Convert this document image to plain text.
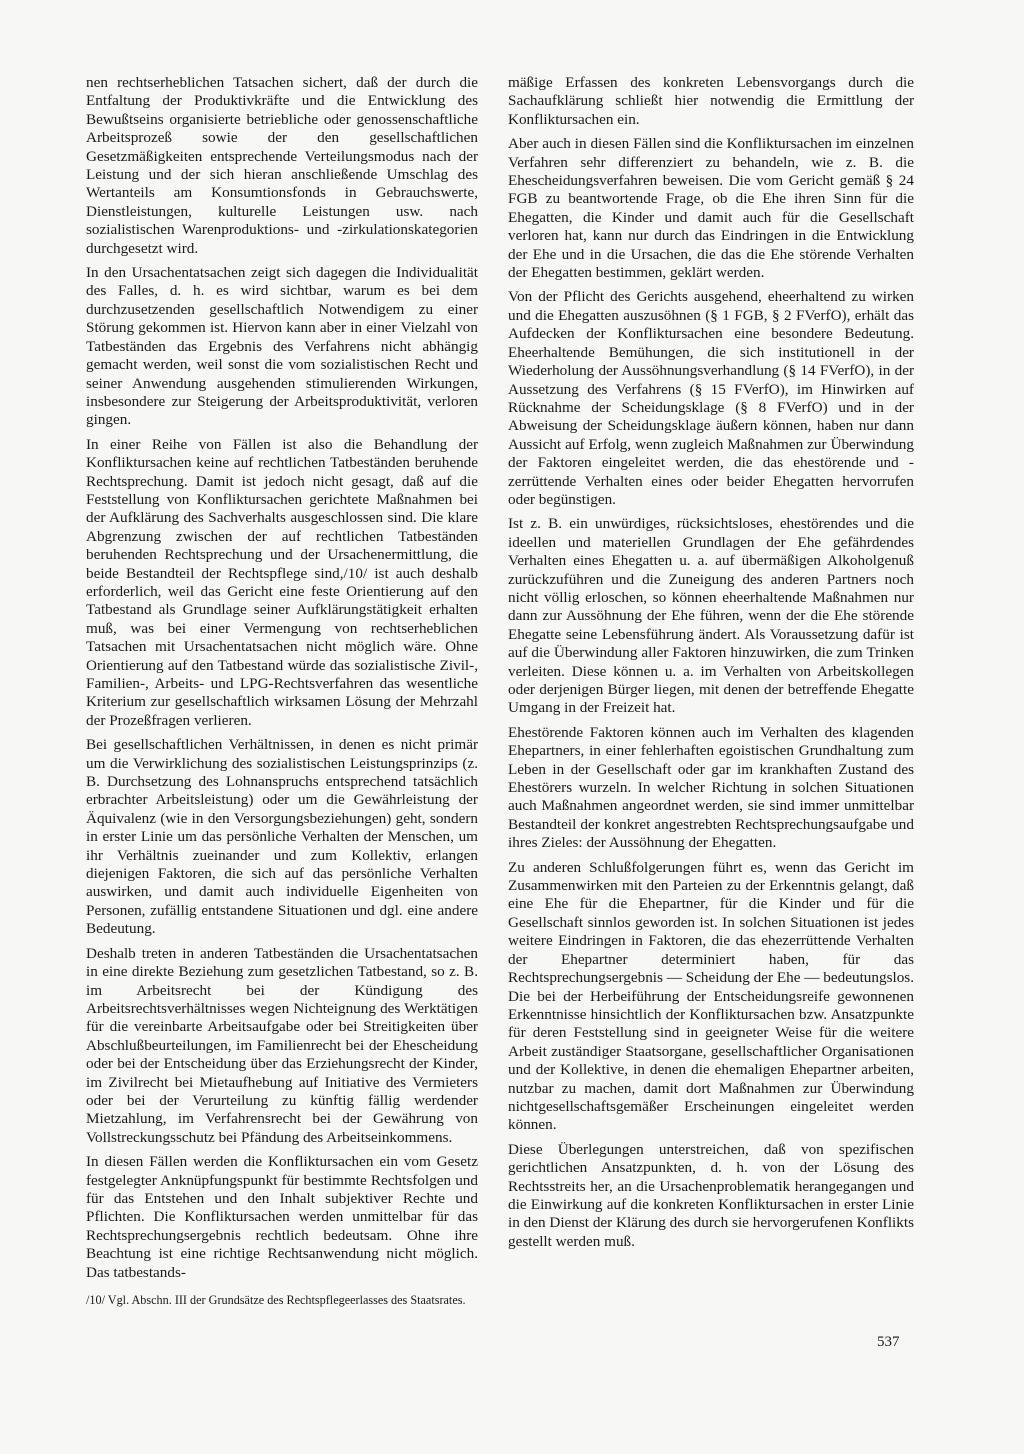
nen rechtserheblichen Tatsachen sichert, daß der durch die Entfaltung der Produktivkräfte und die Entwicklung des Bewußtseins organisierte betriebliche oder genossenschaftliche Arbeitsprozeß sowie der den gesellschaftlichen Gesetzmäßigkeiten entsprechende Verteilungsmodus nach der Leistung und der sich hieran anschließende Umschlag des Wertanteils am Konsumtionsfonds in Gebrauchswerte, Dienstleistungen, kulturelle Leistungen usw. nach sozialistischen Warenproduktions- und -zirkulationskategorien durchgesetzt wird.

In den Ursachentatsachen zeigt sich dagegen die Individualität des Falles, d. h. es wird sichtbar, warum es bei dem durchzusetzenden gesellschaftlich Notwendigem zu einer Störung gekommen ist. Hiervon kann aber in einer Vielzahl von Tatbeständen das Ergebnis des Verfahrens nicht abhängig gemacht werden, weil sonst die vom sozialistischen Recht und seiner Anwendung ausgehenden stimulierenden Wirkungen, insbesondere zur Steigerung der Arbeitsproduktivität, verloren gingen.

In einer Reihe von Fällen ist also die Behandlung der Konfliktursachen keine auf rechtlichen Tatbeständen beruhende Rechtsprechung. Damit ist jedoch nicht gesagt, daß auf die Feststellung von Konfliktursachen gerichtete Maßnahmen bei der Aufklärung des Sachverhalts ausgeschlossen sind. Die klare Abgrenzung zwischen der auf rechtlichen Tatbeständen beruhenden Rechtsprechung und der Ursachenermittlung, die beide Bestandteil der Rechtspflege sind,/10/ ist auch deshalb erforderlich, weil das Gericht eine feste Orientierung auf den Tatbestand als Grundlage seiner Aufklärungstätigkeit erhalten muß, was bei einer Vermengung von rechtserheblichen Tatsachen mit Ursachentatsachen nicht möglich wäre. Ohne Orientierung auf den Tatbestand würde das sozialistische Zivil-, Familien-, Arbeits- und LPG-Rechtsverfahren das wesentliche Kriterium zur gesellschaftlich wirksamen Lösung der Mehrzahl der Prozeßfragen verlieren.

Bei gesellschaftlichen Verhältnissen, in denen es nicht primär um die Verwirklichung des sozialistischen Leistungsprinzips (z. B. Durchsetzung des Lohnanspruchs entsprechend tatsächlich erbrachter Arbeitsleistung) oder um die Gewährleistung der Äquivalenz (wie in den Versorgungsbeziehungen) geht, sondern in erster Linie um das persönliche Verhalten der Menschen, um ihr Verhältnis zueinander und zum Kollektiv, erlangen diejenigen Faktoren, die sich auf das persönliche Verhalten auswirken, und damit auch individuelle Eigenheiten von Personen, zufällig entstandene Situationen und dgl. eine andere Bedeutung.

Deshalb treten in anderen Tatbeständen die Ursachentatsachen in eine direkte Beziehung zum gesetzlichen Tatbestand, so z. B. im Arbeitsrecht bei der Kündigung des Arbeitsrechtsverhältnisses wegen Nichteignung des Werktätigen für die vereinbarte Arbeitsaufgabe oder bei Streitigkeiten über Abschlußbeurteilungen, im Familienrecht bei der Ehescheidung oder bei der Entscheidung über das Erziehungsrecht der Kinder, im Zivilrecht bei Mietaufhebung auf Initiative des Vermieters oder bei der Verurteilung zu künftig fällig werdender Mietzahlung, im Verfahrensrecht bei der Gewährung von Vollstreckungsschutz bei Pfändung des Arbeitseinkommens.

In diesen Fällen werden die Konfliktursachen ein vom Gesetz festgelegter Anknüpfungspunkt für bestimmte Rechtsfolgen und für das Entstehen und den Inhalt subjektiver Rechte und Pflichten. Die Konfliktursachen werden unmittelbar für das Rechtsprechungsergebnis rechtlich bedeutsam. Ohne ihre Beachtung ist eine richtige Rechtsanwendung nicht möglich. Das tatbestands-

/10/ Vgl. Abschn. III der Grundsätze des Rechtspflegeerlasses des Staatsrates.

mäßige Erfassen des konkreten Lebensvorgangs durch die Sachaufklärung schließt hier notwendig die Ermittlung der Konfliktursachen ein.

Aber auch in diesen Fällen sind die Konfliktursachen im einzelnen Verfahren sehr differenziert zu behandeln, wie z. B. die Ehescheidungsverfahren beweisen. Die vom Gericht gemäß § 24 FGB zu beantwortende Frage, ob die Ehe ihren Sinn für die Ehegatten, die Kinder und damit auch für die Gesellschaft verloren hat, kann nur durch das Eindringen in die Entwicklung der Ehe und in die Ursachen, die das die Ehe störende Verhalten der Ehegatten bestimmen, geklärt werden.

Von der Pflicht des Gerichts ausgehend, eheerhaltend zu wirken und die Ehegatten auszusöhnen (§ 1 FGB, § 2 FVerfO), erhält das Aufdecken der Konfliktursachen eine besondere Bedeutung. Eheerhaltende Bemühungen, die sich institutionell in der Wiederholung der Aussöhnungsverhandlung (§ 14 FVerfO), in der Aussetzung des Verfahrens (§ 15 FVerfO), im Hinwirken auf Rücknahme der Scheidungsklage (§ 8 FVerfO) und in der Abweisung der Scheidungsklage äußern können, haben nur dann Aussicht auf Erfolg, wenn zugleich Maßnahmen zur Überwindung der Faktoren eingeleitet werden, die das ehestörende und -zerrüttende Verhalten eines oder beider Ehegatten hervorrufen oder begünstigen.

Ist z. B. ein unwürdiges, rücksichtsloses, ehestörendes und die ideellen und materiellen Grundlagen der Ehe gefährdendes Verhalten eines Ehegatten u. a. auf übermäßigen Alkoholgenuß zurückzuführen und die Zuneigung des anderen Partners noch nicht völlig erloschen, so können eheerhaltende Maßnahmen nur dann zur Aussöhnung der Ehe führen, wenn der die Ehe störende Ehegatte seine Lebensführung ändert. Als Voraussetzung dafür ist auf die Überwindung aller Faktoren hinzuwirken, die zum Trinken verleiten. Diese können u. a. im Verhalten von Arbeitskollegen oder derjenigen Bürger liegen, mit denen der betreffende Ehegatte Umgang in der Freizeit hat.

Ehestörende Faktoren können auch im Verhalten des klagenden Ehepartners, in einer fehlerhaften egoistischen Grundhaltung zum Leben in der Gesellschaft oder gar im krankhaften Zustand des Ehestörers wurzeln. In welcher Richtung in solchen Situationen auch Maßnahmen angeordnet werden, sie sind immer unmittelbar Bestandteil der konkret angestrebten Rechtsprechungsaufgabe und ihres Zieles: der Aussöhnung der Ehegatten.

Zu anderen Schlußfolgerungen führt es, wenn das Gericht im Zusammenwirken mit den Parteien zu der Erkenntnis gelangt, daß eine Ehe für die Ehepartner, für die Kinder und für die Gesellschaft sinnlos geworden ist. In solchen Situationen ist jedes weitere Eindringen in Faktoren, die das ehezerrüttende Verhalten der Ehepartner determiniert haben, für das Rechtsprechungsergebnis — Scheidung der Ehe — bedeutungslos. Die bei der Herbeiführung der Entscheidungsreife gewonnenen Erkenntnisse hinsichtlich der Konfliktursachen bzw. Ansatzpunkte für deren Feststellung sind in geeigneter Weise für die weitere Arbeit zuständiger Staatsorgane, gesellschaftlicher Organisationen und der Kollektive, in denen die ehemaligen Ehepartner arbeiten, nutzbar zu machen, damit dort Maßnahmen zur Überwindung nichtgesellschaftsgemäßer Erscheinungen eingeleitet werden können.

Diese Überlegungen unterstreichen, daß von spezifischen gerichtlichen Ansatzpunkten, d. h. von der Lösung des Rechtsstreits her, an die Ursachenproblematik herangegangen und die Einwirkung auf die konkreten Konfliktursachen in erster Linie in den Dienst der Klärung des durch sie hervorgerufenen Konflikts gestellt werden muß.

537
